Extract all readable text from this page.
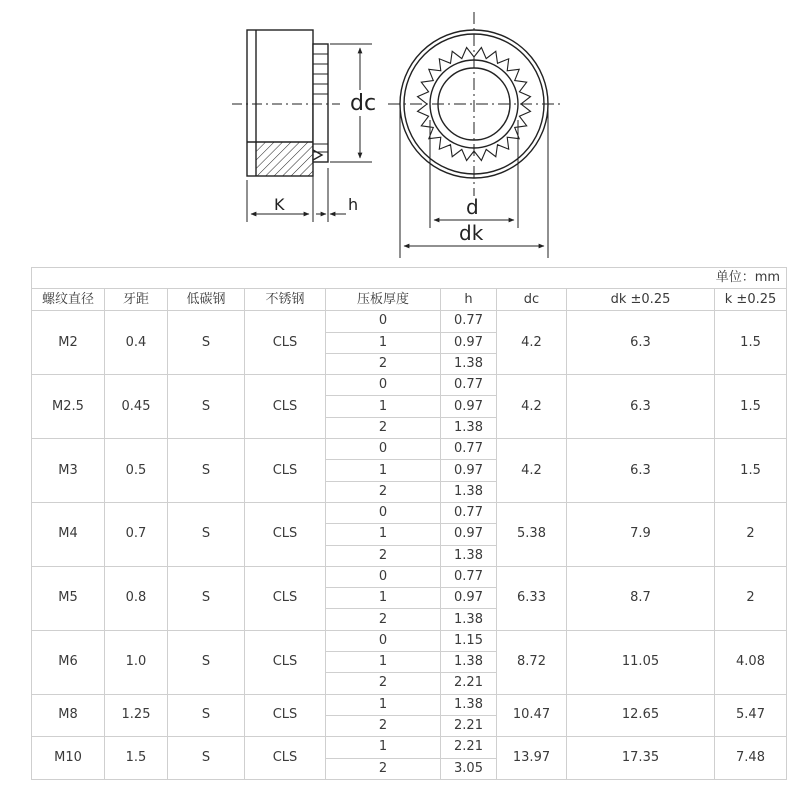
dc
K	h	d
dk
单位：mm								
螺纹直径	牙距	低碳钢	不锈钢	压板厚度	h	dc	dk ±0.25	k ±0.25
M2	0.4	S	CLS	0	0.77	4.2	6.3	1.5
				1	0.97			
				2	1.38			
M2.5	0.45	S	CLS	0	0.77	4.2	6.3	1.5
				1	0.97			
				2	1.38			
M3	0.5	S	CLS	0	0.77	4.2	6.3	1.5
				1	0.97			
				2	1.38			
M4	0.7	S	CLS	0	0.77	5.38	7.9	2
				1	0.97			
				2	1.38			
M5	0.8	S	CLS	0	0.77	6.33	8.7	2
				1	0.97			
				2	1.38			
M6	1.0	S	CLS	0	1.15	8.72	11.05	4.08
				1	1.38			
				2	2.21			
M8	1.25	S	CLS	1	1.38	10.47	12.65	5.47
				2	2.21			
M10	1.5	S	CLS	1	2.21	13.97	17.35	7.48
				2	3.05			
